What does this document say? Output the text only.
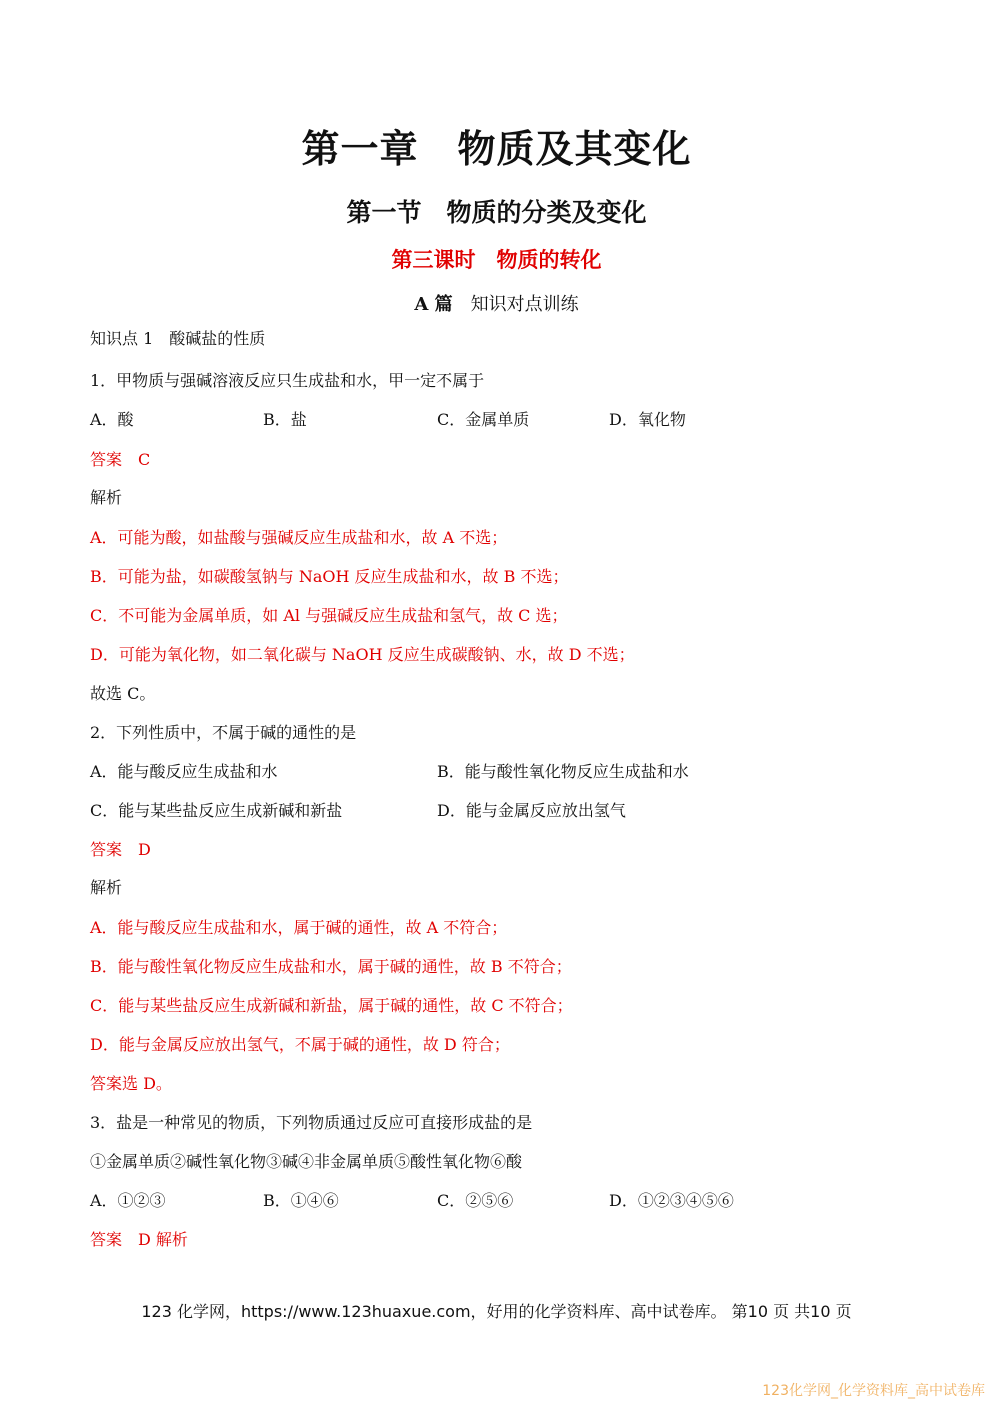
第一章　物质及其变化
第一节　物质的分类及变化
第三课时　物质的转化
A 篇　 知识对点训练
知识点 1　酸碱盐的性质
1．甲物质与强碱溶液反应只生成盐和水，甲一定不属于
A．酸	B．盐	C．金属单质	D．氧化物
答案　C
解析
A．可能为酸，如盐酸与强碱反应生成盐和水，故 A 不选；
B．可能为盐，如碳酸氢钠与 NaOH 反应生成盐和水，故 B 不选；
C．不可能为金属单质，如 Al 与强碱反应生成盐和氢气，故 C 选；
D．可能为氧化物，如二氧化碳与 NaOH 反应生成碳酸钠、水，故 D 不选；
故选 C。
2．下列性质中，不属于碱的通性的是
A．能与酸反应生成盐和水	B．能与酸性氧化物反应生成盐和水
C．能与某些盐反应生成新碱和新盐	D．能与金属反应放出氢气
答案　D
解析
A．能与酸反应生成盐和水，属于碱的通性，故 A 不符合；
B．能与酸性氧化物反应生成盐和水，属于碱的通性，故 B 不符合；
C．能与某些盐反应生成新碱和新盐，属于碱的通性，故 C 不符合；
D．能与金属反应放出氢气，不属于碱的通性，故 D 符合；
答案选 D。
3．盐是一种常见的物质，下列物质通过反应可直接形成盐的是
①金属单质②碱性氧化物③碱④非金属单质⑤酸性氧化物⑥酸
A．①②③	B．①④⑥	C．②⑤⑥	D．①②③④⑤⑥
答案　D 解析
123 化学网，https://www.123huaxue.com，好用的化学资料库、高中试卷库。 第10 页 共10 页
123化学网_化学资料库_高中试卷库
